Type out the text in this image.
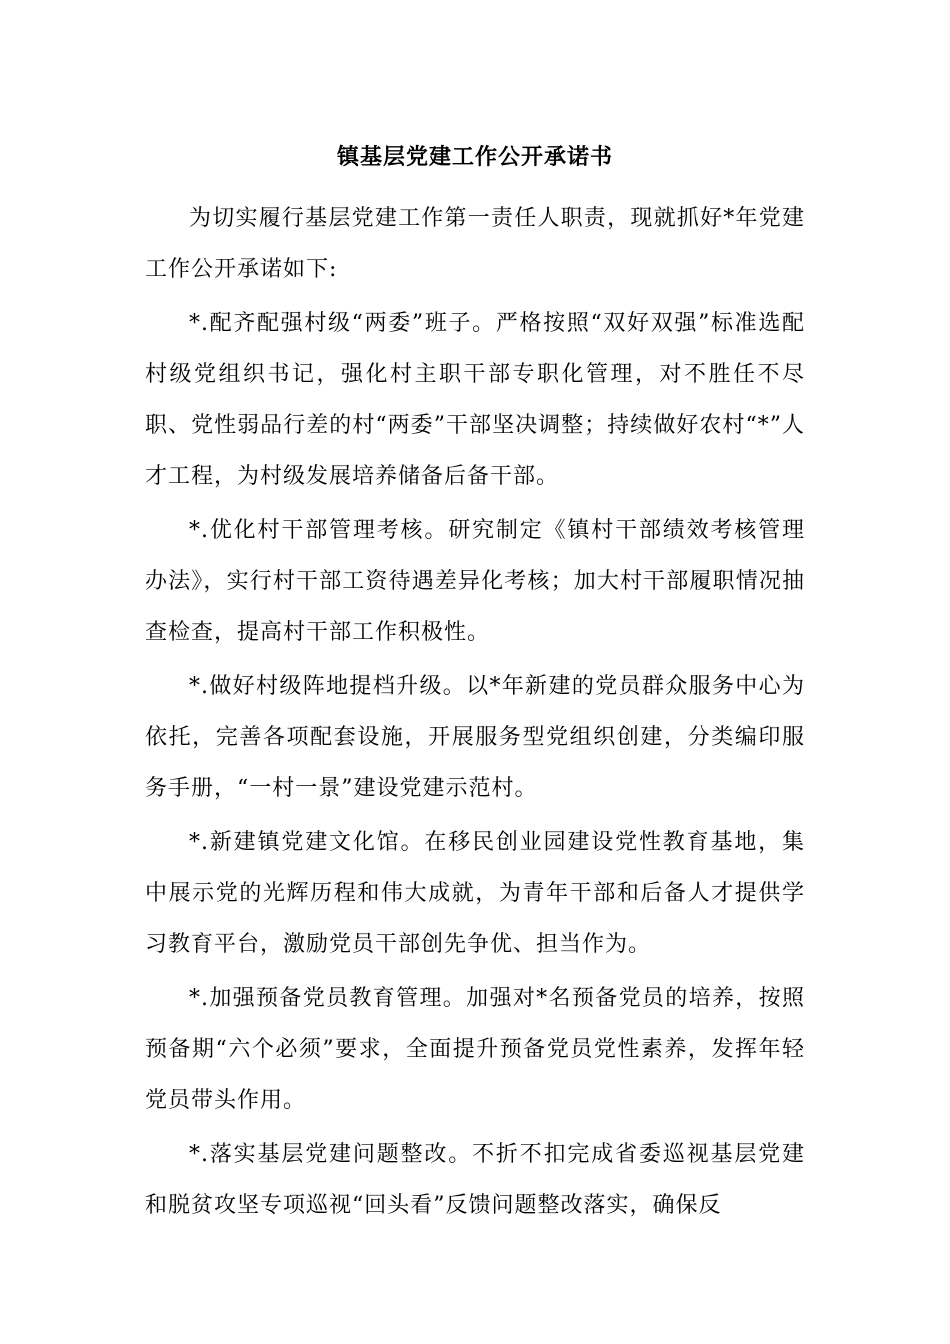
镇基层党建工作公开承诺书

为切实履行基层党建工作第一责任人职责，现就抓好*年党建工作公开承诺如下:

*.配齐配强村级“两委”班子。严格按照“双好双强”标准选配村级党组织书记，强化村主职干部专职化管理，对不胜任不尽职、党性弱品行差的村“两委”干部坚决调整；持续做好农村“*”人才工程，为村级发展培养储备后备干部。

*.优化村干部管理考核。研究制定《镇村干部绩效考核管理办法》，实行村干部工资待遇差异化考核；加大村干部履职情况抽查检查，提高村干部工作积极性。

*.做好村级阵地提档升级。以*年新建的党员群众服务中心为依托，完善各项配套设施，开展服务型党组织创建，分类编印服务手册，“一村一景”建设党建示范村。

*.新建镇党建文化馆。在移民创业园建设党性教育基地，集中展示党的光辉历程和伟大成就，为青年干部和后备人才提供学习教育平台，激励党员干部创先争优、担当作为。

*.加强预备党员教育管理。加强对*名预备党员的培养，按照预备期“六个必须”要求，全面提升预备党员党性素养，发挥年轻党员带头作用。

*.落实基层党建问题整改。不折不扣完成省委巡视基层党建和脱贫攻坚专项巡视“回头看”反馈问题整改落实，确保反
